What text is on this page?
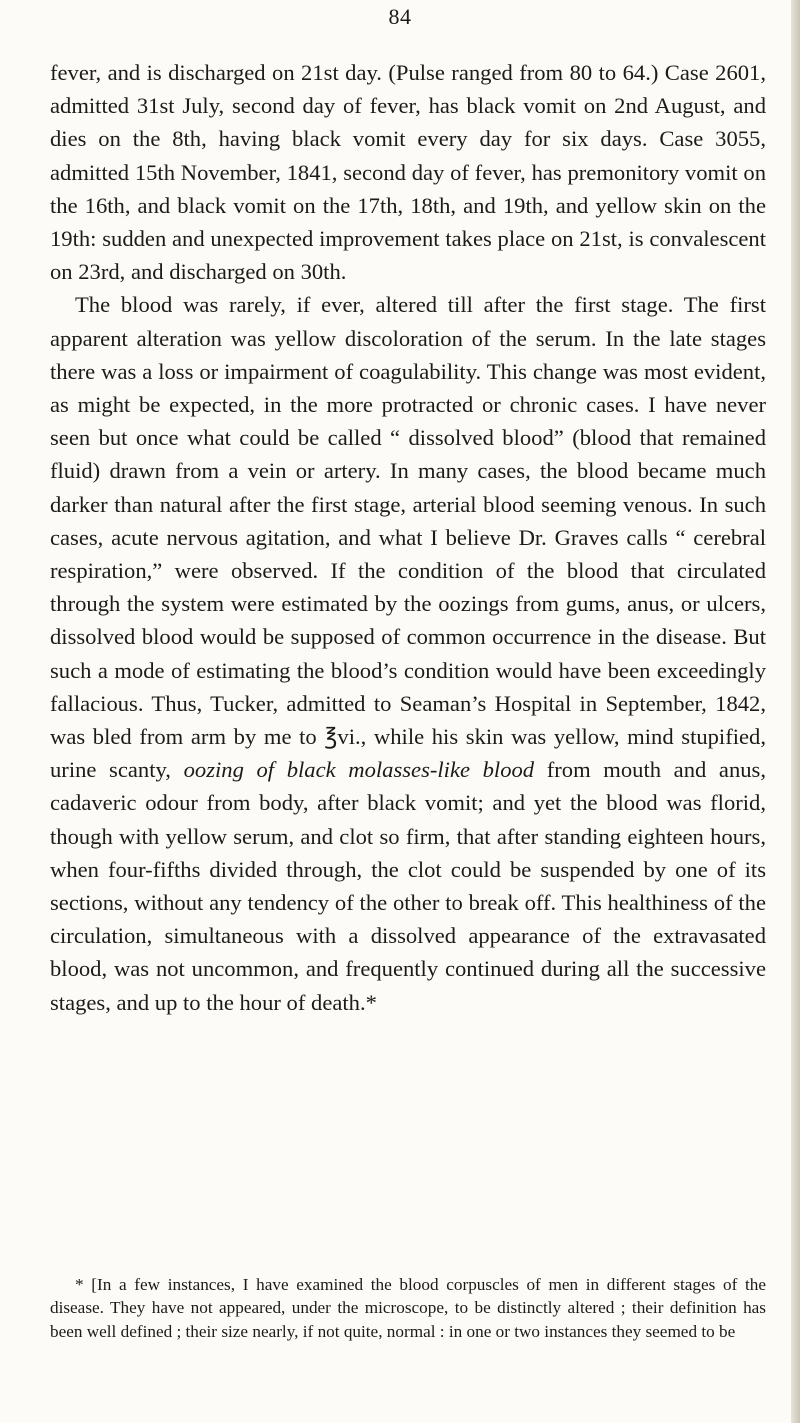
84

fever, and is discharged on 21st day. (Pulse ranged from 80 to 64.) Case 2601, admitted 31st July, second day of fever, has black vomit on 2nd August, and dies on the 8th, having black vomit every day for six days. Case 3055, admitted 15th November, 1841, second day of fever, has premonitory vomit on the 16th, and black vomit on the 17th, 18th, and 19th, and yellow skin on the 19th: sudden and unexpected improvement takes place on 21st, is convalescent on 23rd, and discharged on 30th.

The blood was rarely, if ever, altered till after the first stage. The first apparent alteration was yellow discoloration of the serum. In the late stages there was a loss or impairment of coagulability. This change was most evident, as might be expected, in the more protracted or chronic cases. I have never seen but once what could be called “ dissolved blood” (blood that remained fluid) drawn from a vein or artery. In many cases, the blood became much darker than natural after the first stage, arterial blood seeming venous. In such cases, acute nervous agitation, and what I believe Dr. Graves calls “ cerebral respiration,” were observed. If the condition of the blood that circulated through the system were estimated by the oozings from gums, anus, or ulcers, dissolved blood would be supposed of common occurrence in the disease. But such a mode of estimating the blood’s condition would have been exceedingly fallacious. Thus, Tucker, admitted to Seaman’s Hospital in September, 1842, was bled from arm by me to ℥vi., while his skin was yellow, mind stupified, urine scanty, oozing of black molasses-like blood from mouth and anus, cadaveric odour from body, after black vomit; and yet the blood was florid, though with yellow serum, and clot so firm, that after standing eighteen hours, when four-fifths divided through, the clot could be suspended by one of its sections, without any tendency of the other to break off. This healthiness of the circulation, simultaneous with a dissolved appearance of the extravasated blood, was not uncommon, and frequently continued during all the successive stages, and up to the hour of death.*

* [In a few instances, I have examined the blood corpuscles of men in different stages of the disease. They have not appeared, under the microscope, to be distinctly altered ; their definition has been well defined ; their size nearly, if not quite, normal : in one or two instances they seemed to be
